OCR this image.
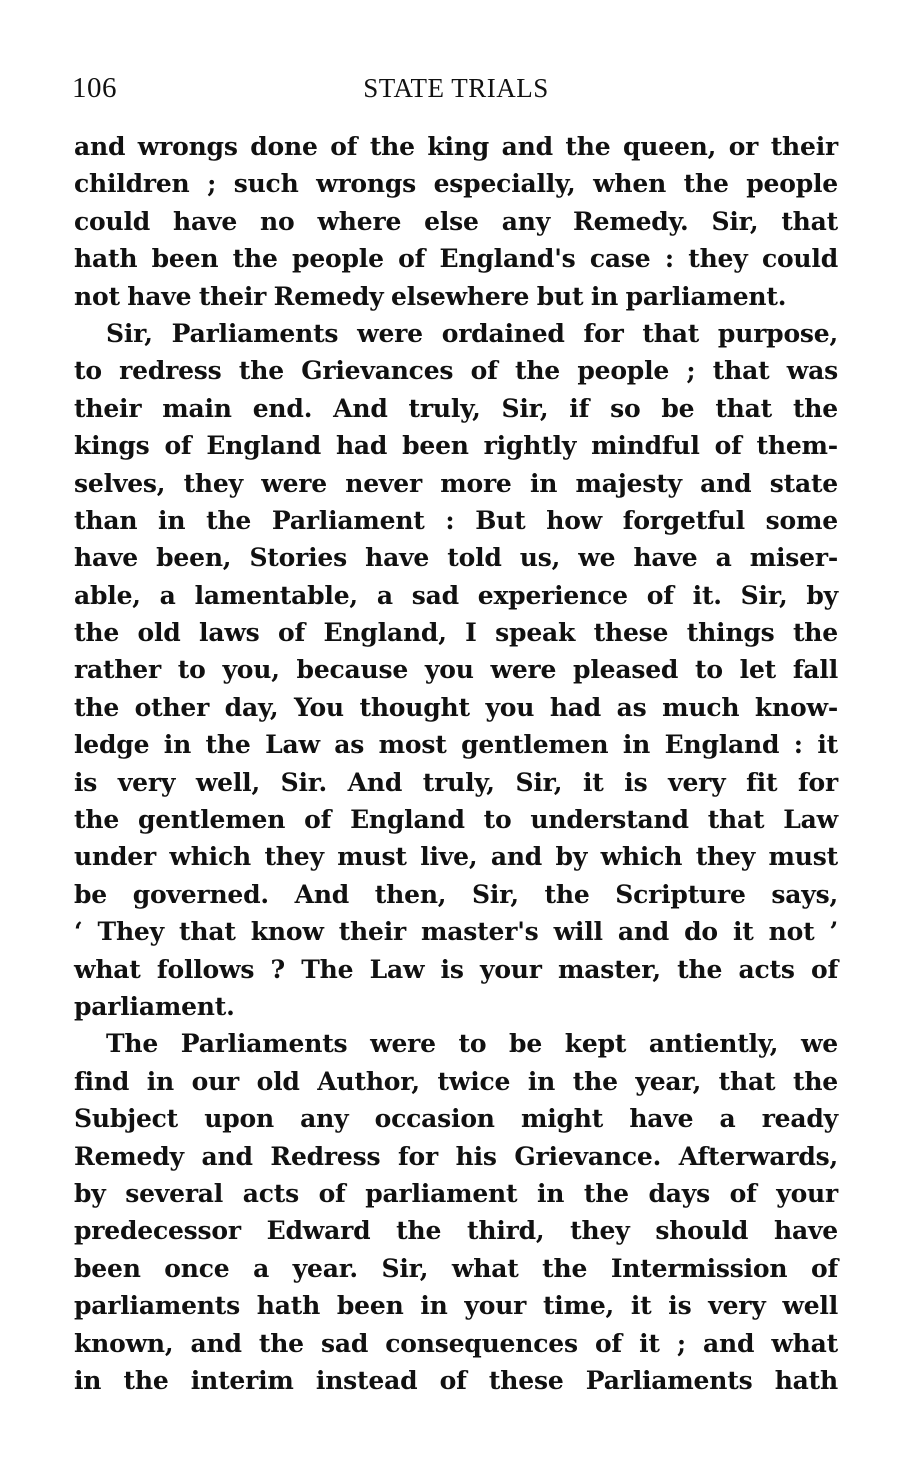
106	STATE TRIALS
and wrongs done of the king and the queen, or their
children ; such wrongs especially, when the people
could have no where else any Remedy. Sir, that
hath been the people of England's case : they could
not have their Remedy elsewhere but in parliament.
Sir, Parliaments were ordained for that purpose,
to redress the Grievances of the people ; that was
their main end. And truly, Sir, if so be that the
kings of England had been rightly mindful of them-
selves, they were never more in majesty and state
than in the Parliament : But how forgetful some
have been, Stories have told us, we have a miser-
able, a lamentable, a sad experience of it. Sir, by
the old laws of England, I speak these things the
rather to you, because you were pleased to let fall
the other day, You thought you had as much know-
ledge in the Law as most gentlemen in England : it
is very well, Sir. And truly, Sir, it is very fit for
the gentlemen of England to understand that Law
under which they must live, and by which they must
be governed. And then, Sir, the Scripture says,
‘ They that know their master's will and do it not ’
what follows ? The Law is your master, the acts of
parliament.
The Parliaments were to be kept antiently, we
find in our old Author, twice in the year, that the
Subject upon any occasion might have a ready
Remedy and Redress for his Grievance. Afterwards,
by several acts of parliament in the days of your
predecessor Edward the third, they should have
been once a year. Sir, what the Intermission of
parliaments hath been in your time, it is very well
known, and the sad consequences of it ; and what
in the interim instead of these Parliaments hath
